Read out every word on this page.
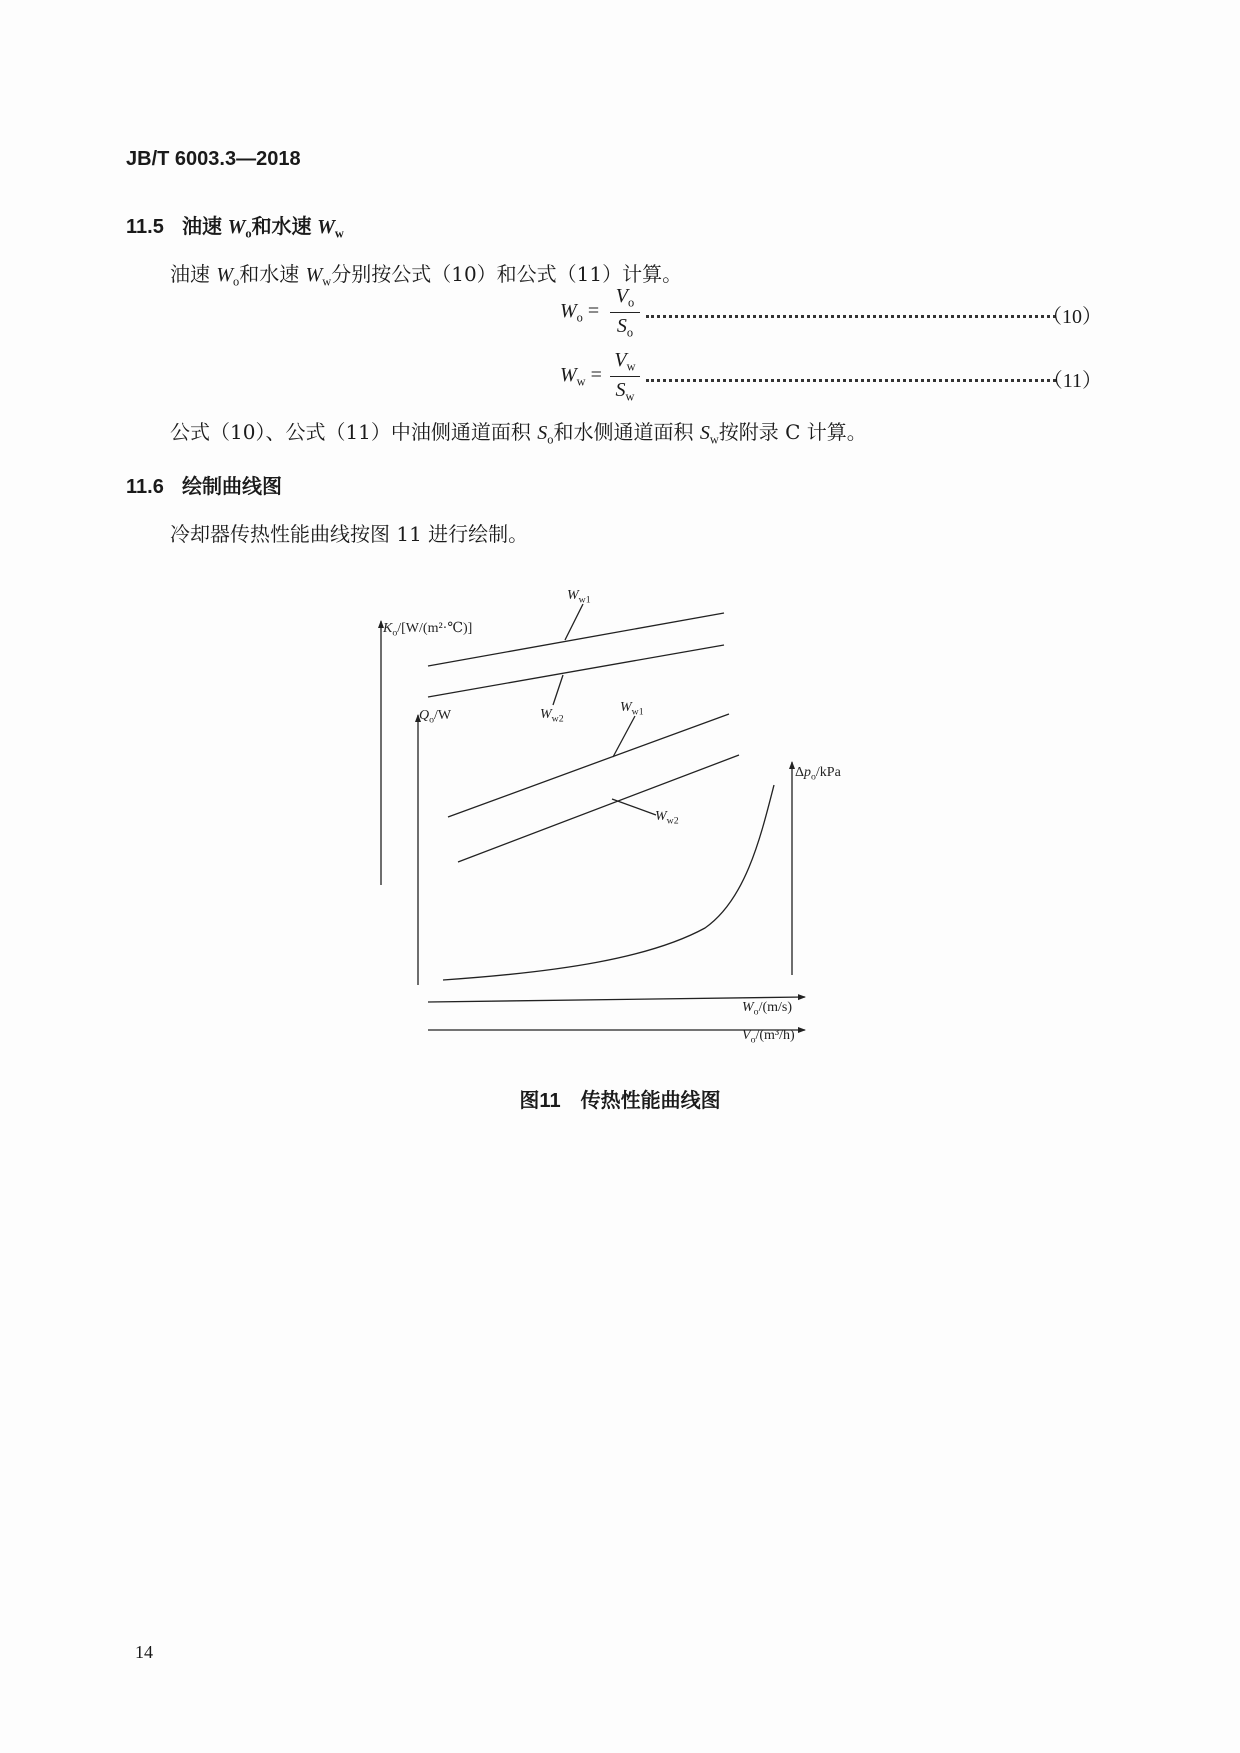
JB/T 6003.3—2018
11.5 油速 $W_o$和水速 $W_w$
油速 $W_o$和水速 $W_w$分别按公式（10）和公式（11）计算。
$W_o$ =
$V_o$
$S_o$
（10）
$W_w$ =
$V_w$
$S_w$
（11）
公式（10）、公式（11）中油侧通道面积 $S_o$和水侧通道面积 $S_w$按附录 C 计算。
11.6 绘制曲线图
冷却器传热性能曲线按图 11 进行绘制。
$K_o/[W/(m^2\cdot℃)]$
$Q_o/W$
$\Delta p_o$/kPa
$W_o/(m/s)$
$V_o/(m^3/h)$
$W_{w1}$
$W_{w2}$
$W_{w1}$
$W_{w2}$
图11 传热性能曲线图
14
